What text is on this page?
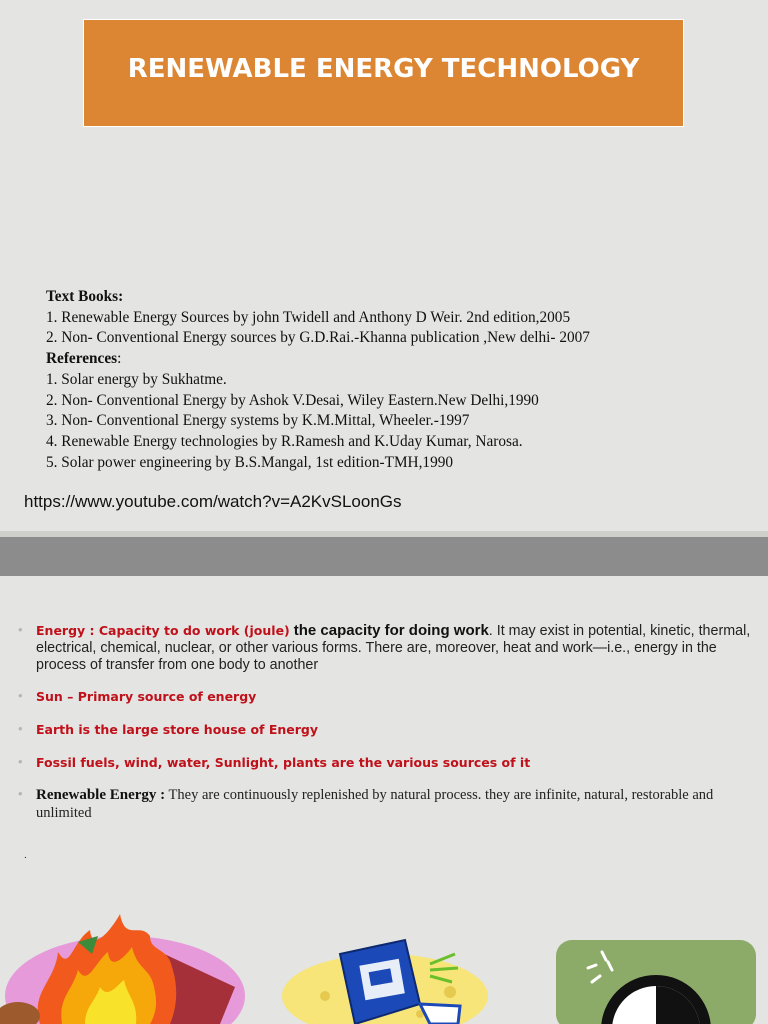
RENEWABLE ENERGY TECHNOLOGY
Text Books:
1. Renewable Energy Sources by john Twidell and Anthony D Weir. 2nd edition,2005
2. Non- Conventional Energy sources by G.D.Rai.-Khanna publication ,New delhi- 2007
References:
1. Solar energy by Sukhatme.
2. Non- Conventional Energy by Ashok V.Desai, Wiley Eastern.New Delhi,1990
3. Non- Conventional Energy systems by K.M.Mittal, Wheeler.-1997
4. Renewable Energy technologies by R.Ramesh and K.Uday Kumar, Narosa.
5. Solar power engineering by B.S.Mangal, 1st edition-TMH,1990
https://www.youtube.com/watch?v=A2KvSLoonGs
• Energy : Capacity to do work (joule) the capacity for doing work. It may exist in potential, kinetic, thermal, electrical, chemical, nuclear, or other various forms. There are, moreover, heat and work—i.e., energy in the process of transfer from one body to another
• Sun – Primary source of energy
• Earth is the large store house of Energy
• Fossil fuels, wind, water, Sunlight, plants are the various sources of it
• Renewable Energy : They are continuously replenished by natural process. they are infinite, natural, restorable and unlimited
.
